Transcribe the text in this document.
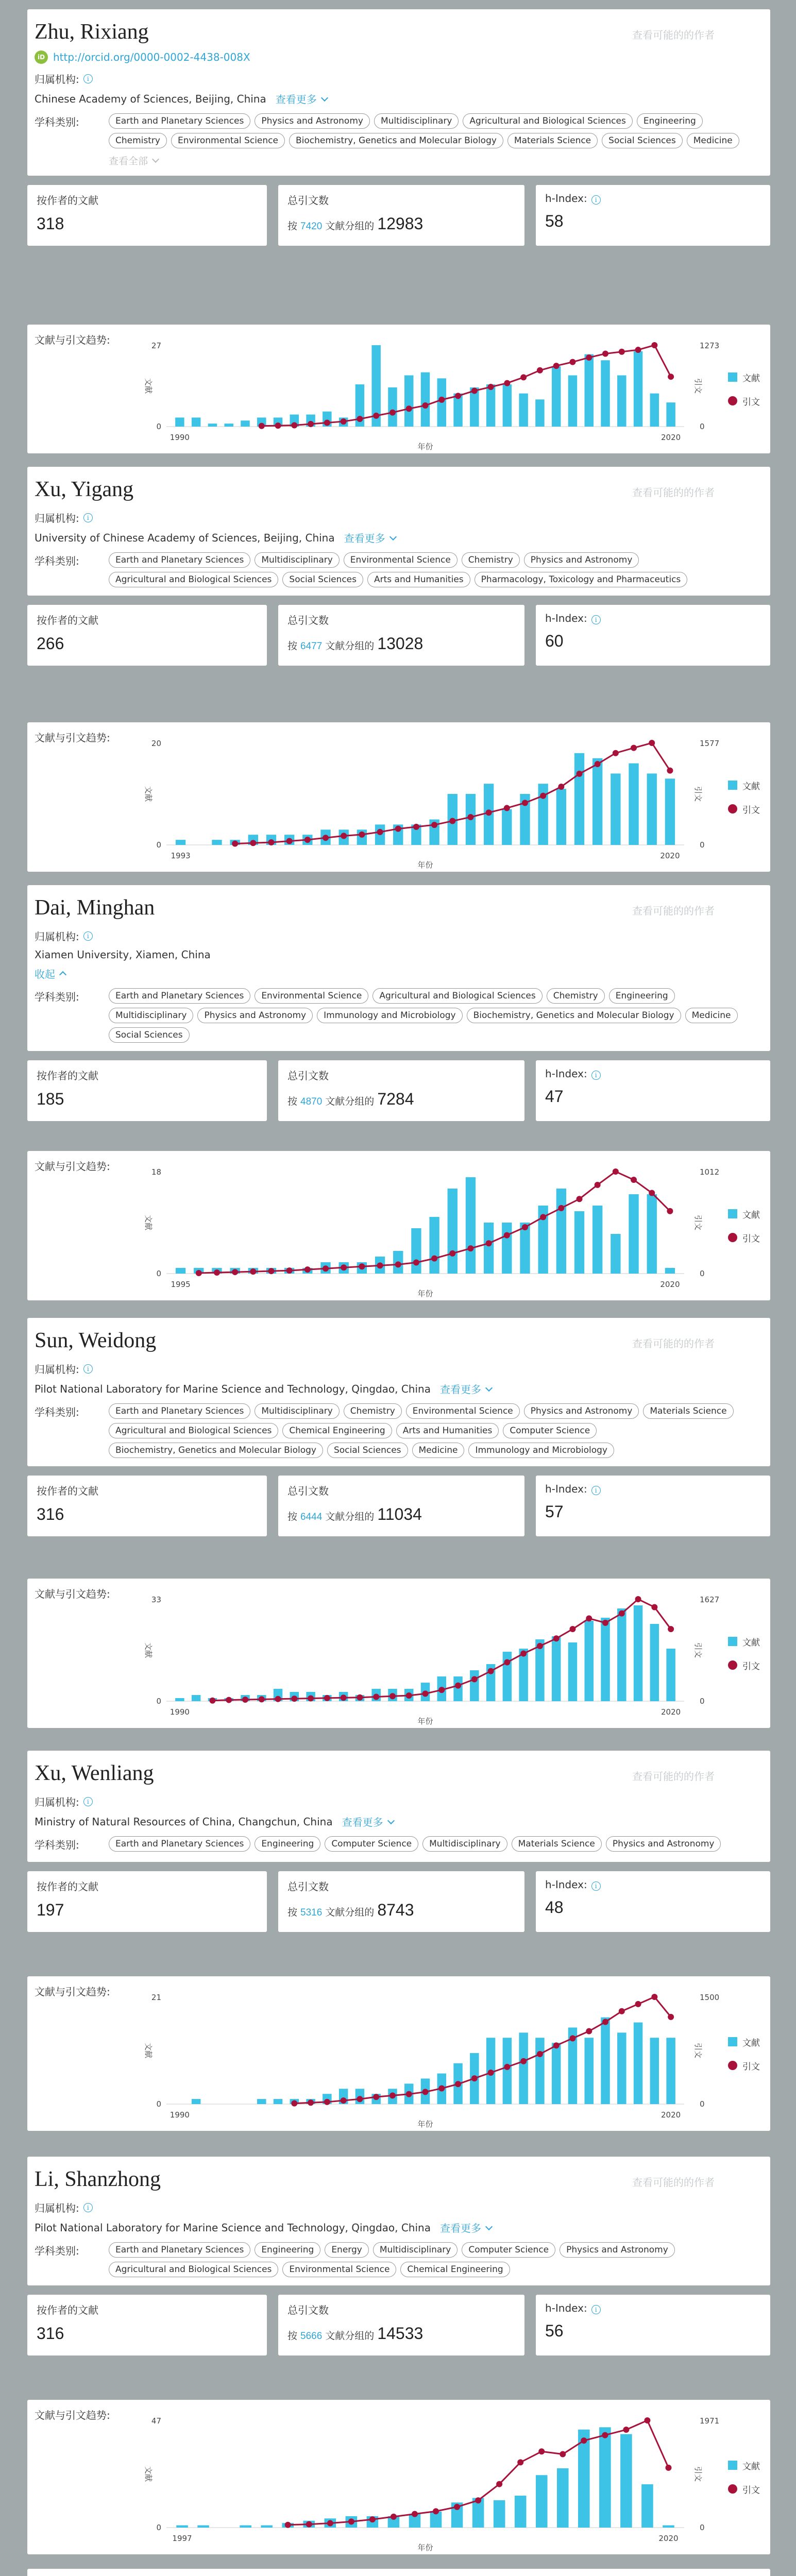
Zhu, Rixiang	查看可能的的作者
iD http://orcid.org/0000-0002-4438-008X
归属机构:	i
Chinese Academy of Sciences, Beijing, China 查看更多
学科类别:	Earth and Planetary Sciences	Physics and Astronomy	Multidisciplinary	Agricultural and Biological Sciences	Engineering
Chemistry	Environmental Science	Biochemistry, Genetics and Molecular Biology	Materials Science	Social Sciences	Medicine
查看全部
按作者的文献
318
总引文数
按 7420 文献分组的 12983
h-Index: i
58
文献与引文趋势:	27
0
1273
0
1990	2020
年份
文献	引文	文献
引文
Xu, Yigang	查看可能的的作者
归属机构:	i
University of Chinese Academy of Sciences, Beijing, China 查看更多
学科类别:	Earth and Planetary Sciences	Multidisciplinary	Environmental Science	Chemistry	Physics and Astronomy
Agricultural and Biological Sciences	Social Sciences	Arts and Humanities	Pharmacology, Toxicology and Pharmaceutics
按作者的文献
266
总引文数
按 6477 文献分组的 13028
h-Index: i
60
文献与引文趋势:	20
0
1577
0
1993	2020
年份
文献	引文	文献
引文
Dai, Minghan	查看可能的的作者
归属机构:	i
Xiamen University, Xiamen, China
收起
学科类别:	Earth and Planetary Sciences	Environmental Science	Agricultural and Biological Sciences	Chemistry	Engineering
Multidisciplinary	Physics and Astronomy	Immunology and Microbiology	Biochemistry, Genetics and Molecular Biology	Medicine
Social Sciences
按作者的文献
185
总引文数
按 4870 文献分组的 7284
h-Index: i
47
文献与引文趋势:	18
0
1012
0
1995	2020
年份
文献	引文	文献
引文
Sun, Weidong	查看可能的的作者
归属机构:	i
Pilot National Laboratory for Marine Science and Technology, Qingdao, China 查看更多
学科类别:	Earth and Planetary Sciences	Multidisciplinary	Chemistry	Environmental Science	Physics and Astronomy	Materials Science
Agricultural and Biological Sciences	Chemical Engineering	Arts and Humanities	Computer Science
Biochemistry, Genetics and Molecular Biology	Social Sciences	Medicine	Immunology and Microbiology
按作者的文献
316
总引文数
按 6444 文献分组的 11034
h-Index: i
57
文献与引文趋势:	33
0
1627
0
1990	2020
年份
文献	引文	文献
引文
Xu, Wenliang	查看可能的的作者
归属机构:	i
Ministry of Natural Resources of China, Changchun, China 查看更多
学科类别:	Earth and Planetary Sciences	Engineering	Computer Science	Multidisciplinary	Materials Science	Physics and Astronomy
按作者的文献
197
总引文数
按 5316 文献分组的 8743
h-Index: i
48
文献与引文趋势:	21
0
1500
0
1990	2020
年份
文献	引文	文献
引文
Li, Shanzhong	查看可能的的作者
归属机构:	i
Pilot National Laboratory for Marine Science and Technology, Qingdao, China 查看更多
学科类别:	Earth and Planetary Sciences	Engineering	Energy	Multidisciplinary	Computer Science	Physics and Astronomy
Agricultural and Biological Sciences	Environmental Science	Chemical Engineering
按作者的文献
316
总引文数
按 5666 文献分组的 14533
h-Index: i
56
文献与引文趋势:	47
0
1971
0
1997	2020
年份
文献	引文	文献
引文
